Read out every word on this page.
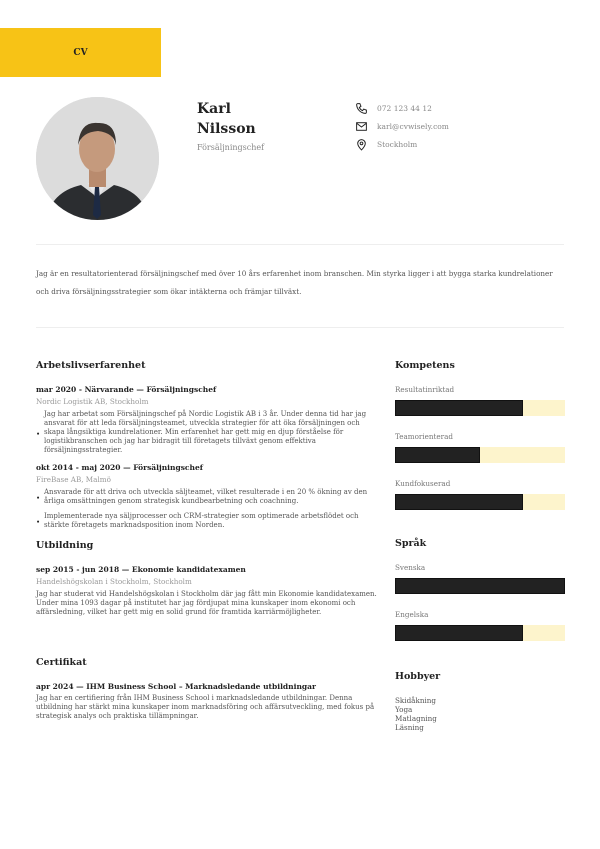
CV
Karl
Nilsson
Försäljningschef
072 123 44 12
karl@cvwisely.com
Stockholm
Jag är en resultatorienterad försäljningschef med över 10 års erfarenhet inom branschen. Min styrka ligger i att bygga starka kundrelationer och driva försäljningsstrategier som ökar intäkterna och främjar tillväxt.
Arbetslivserfarenhet
mar 2020 - Närvarande — Försäljningschef
Nordic Logistik AB, Stockholm
• Jag har arbetat som Försäljningschef på Nordic Logistik AB i 3 år. Under denna tid har jag ansvarat för att leda försäljningsteamet, utveckla strategier för att öka försäljningen och skapa långsiktiga kundrelationer. Min erfarenhet har gett mig en djup förståelse för logistikbranschen och jag har bidragit till företagets tillväxt genom effektiva försäljningsstrategier.
okt 2014 - maj 2020 — Försäljningschef
FireBase AB, Malmö
• Ansvarade för att driva och utveckla säljteamet, vilket resulterade i en 20 % ökning av den årliga omsättningen genom strategisk kundbearbetning och coachning.
• Implementerade nya säljprocesser och CRM-strategier som optimerade arbetsflödet och stärkte företagets marknadsposition inom Norden.
Utbildning
sep 2015 - jun 2018 — Ekonomie kandidatexamen
Handelshögskolan i Stockholm, Stockholm
Jag har studerat vid Handelshögskolan i Stockholm där jag fått min Ekonomie kandidatexamen. Under mina 1093 dagar på institutet har jag fördjupat mina kunskaper inom ekonomi och affärsledning, vilket har gett mig en solid grund för framtida karriärmöjligheter.
Certifikat
apr 2024 — IHM Business School – Marknadsledande utbildningar
Jag har en certifiering från IHM Business School i marknadsledande utbildningar. Denna utbildning har stärkt mina kunskaper inom marknadsföring och affärsutveckling, med fokus på strategisk analys och praktiska tillämpningar.
Kompetens
Resultatinriktad
Teamorienterad
Kundfokuserad
Språk
Svenska
Engelska
Hobbyer
Skidåkning
Yoga
Matlagning
Läsning
